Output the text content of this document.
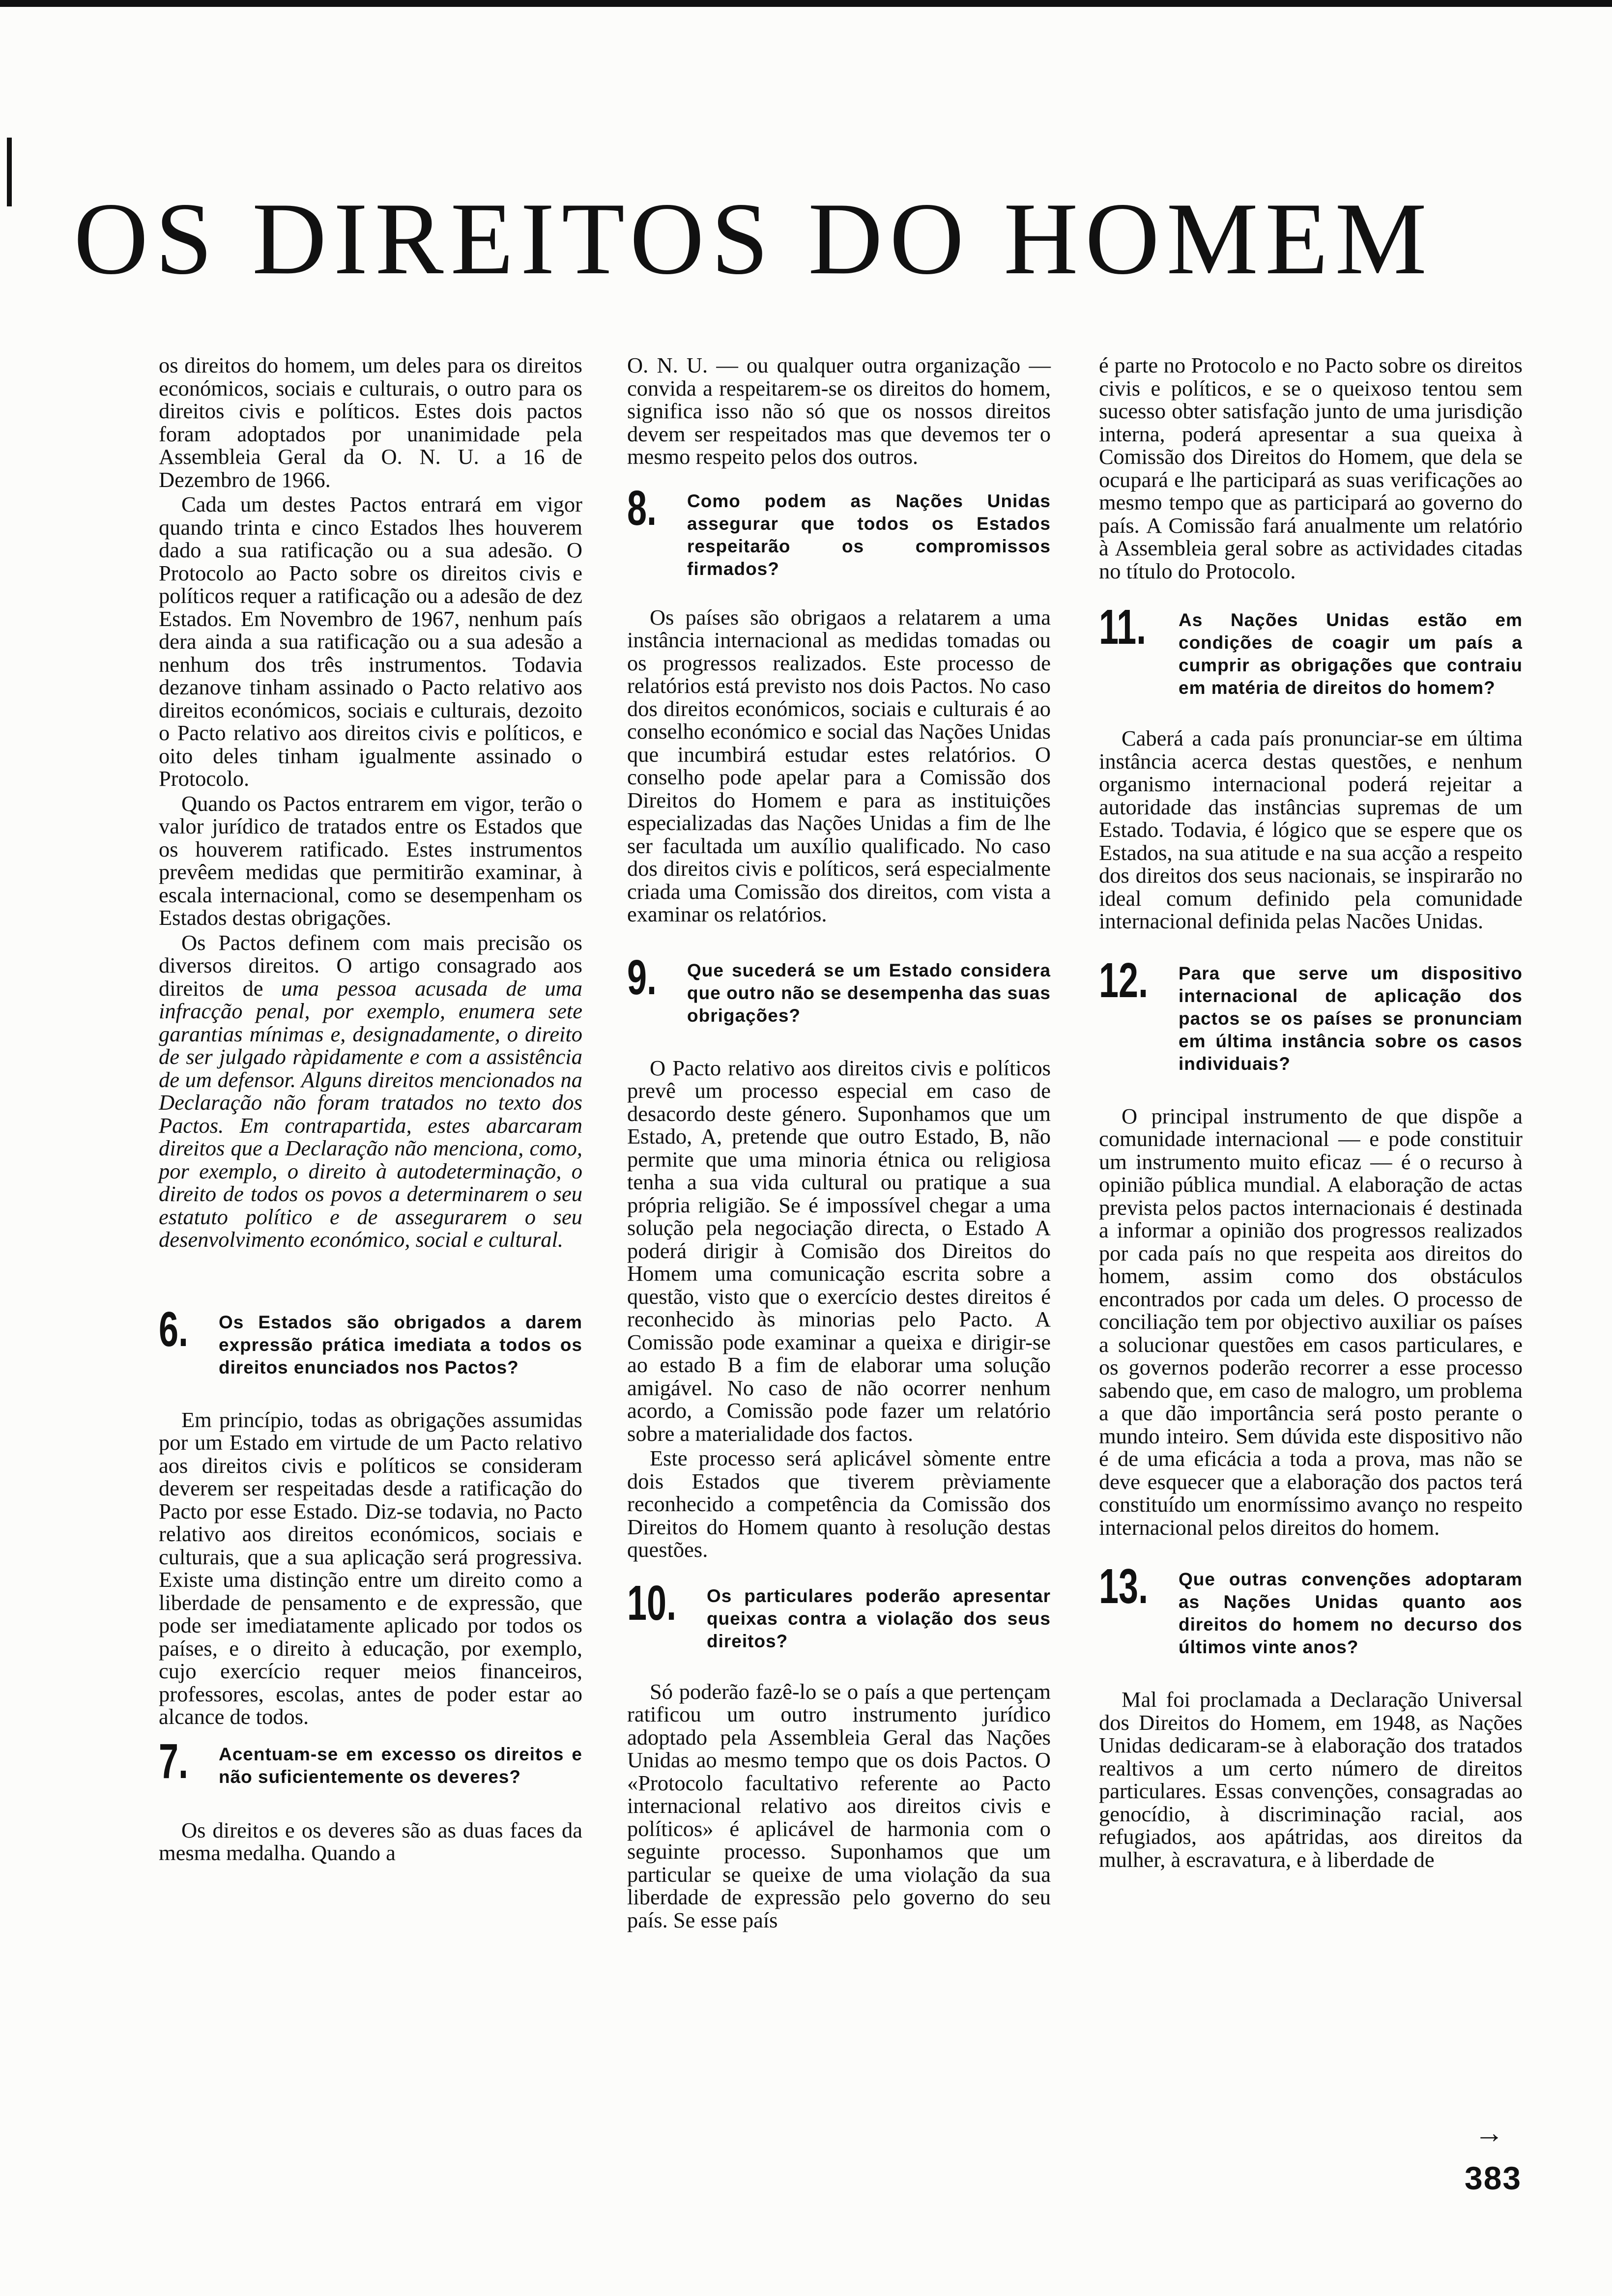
OS DIREITOS DO HOMEM

os direitos do homem, um deles para os direitos económicos, sociais e culturais, o outro para os direitos civis e políticos. Estes dois pactos foram adoptados por unanimidade pela Assembleia Geral da O. N. U. a 16 de Dezembro de 1966.

Cada um destes Pactos entrará em vigor quando trinta e cinco Estados lhes houverem dado a sua ratificação ou a sua adesão. O Protocolo ao Pacto sobre os direitos civis e políticos requer a ratificação ou a adesão de dez Estados. Em Novembro de 1967, nenhum país dera ainda a sua ratificação ou a sua adesão a nenhum dos três instrumentos. Todavia dezanove tinham assinado o Pacto relativo aos direitos económicos, sociais e culturais, dezoito o Pacto relativo aos direitos civis e políticos, e oito deles tinham igualmente assinado o Protocolo.

Quando os Pactos entrarem em vigor, terão o valor jurídico de tratados entre os Estados que os houverem ratificado. Estes instrumentos prevêem medidas que permitirão examinar, à escala internacional, como se desempenham os Estados destas obrigações.

Os Pactos definem com mais precisão os diversos direitos. O artigo consagrado aos direitos de uma pessoa acusada de uma infracção penal, por exemplo, enumera sete garantias mínimas e, designadamente, o direito de ser julgado ràpidamente e com a assistência de um defensor. Alguns direitos mencionados na Declaração não foram tratados no texto dos Pactos. Em contrapartida, estes abarcaram direitos que a Declaração não menciona, como, por exemplo, o direito à autodeterminação, o direito de todos os povos a determinarem o seu estatuto político e de assegurarem o seu desenvolvimento económico, social e cultural.

6. Os Estados são obrigados a darem expressão prática imediata a todos os direitos enunciados nos Pactos?

Em princípio, todas as obrigações assumidas por um Estado em virtude de um Pacto relativo aos direitos civis e políticos se consideram deverem ser respeitadas desde a ratificação do Pacto por esse Estado. Diz-se todavia, no Pacto relativo aos direitos económicos, sociais e culturais, que a sua aplicação será progressiva. Existe uma distinção entre um direito como a liberdade de pensamento e de expressão, que pode ser imediatamente aplicado por todos os países, e o direito à educação, por exemplo, cujo exercício requer meios financeiros, professores, escolas, antes de poder estar ao alcance de todos.

7. Acentuam-se em excesso os direitos e não suficientemente os deveres?

Os direitos e os deveres são as duas faces da mesma medalha. Quando a

O. N. U. — ou qualquer outra organização — convida a respeitarem-se os direitos do homem, significa isso não só que os nossos direitos devem ser respeitados mas que devemos ter o mesmo respeito pelos dos outros.

8. Como podem as Nações Unidas assegurar que todos os Estados respeitarão os compromissos firmados?

Os países são obrigaos a relatarem a uma instância internacional as medidas tomadas ou os progressos realizados. Este processo de relatórios está previsto nos dois Pactos. No caso dos direitos económicos, sociais e culturais é ao conselho económico e social das Nações Unidas que incumbirá estudar estes relatórios. O conselho pode apelar para a Comissão dos Direitos do Homem e para as instituições especializadas das Nações Unidas a fim de lhe ser facultada um auxílio qualificado. No caso dos direitos civis e políticos, será especialmente criada uma Comissão dos direitos, com vista a examinar os relatórios.

9. Que sucederá se um Estado considera que outro não se desempenha das suas obrigações?

O Pacto relativo aos direitos civis e políticos prevê um processo especial em caso de desacordo deste género. Suponhamos que um Estado, A, pretende que outro Estado, B, não permite que uma minoria étnica ou religiosa tenha a sua vida cultural ou pratique a sua própria religião. Se é impossível chegar a uma solução pela negociação directa, o Estado A poderá dirigir à Comisão dos Direitos do Homem uma comunicação escrita sobre a questão, visto que o exercício destes direitos é reconhecido às minorias pelo Pacto. A Comissão pode examinar a queixa e dirigir-se ao estado B a fim de elaborar uma solução amigável. No caso de não ocorrer nenhum acordo, a Comissão pode fazer um relatório sobre a materialidade dos factos.

Este processo será aplicável sòmente entre dois Estados que tiverem prèviamente reconhecido a competência da Comissão dos Direitos do Homem quanto à resolução destas questões.

10. Os particulares poderão apresentar queixas contra a violação dos seus direitos?

Só poderão fazê-lo se o país a que pertençam ratificou um outro instrumento jurídico adoptado pela Assembleia Geral das Nações Unidas ao mesmo tempo que os dois Pactos. O «Protocolo facultativo referente ao Pacto internacional relativo aos direitos civis e políticos» é aplicável de harmonia com o seguinte processo. Suponhamos que um particular se queixe de uma violação da sua liberdade de expressão pelo governo do seu país. Se esse país

é parte no Protocolo e no Pacto sobre os direitos civis e políticos, e se o queixoso tentou sem sucesso obter satisfação junto de uma jurisdição interna, poderá apresentar a sua queixa à Comissão dos Direitos do Homem, que dela se ocupará e lhe participará as suas verificações ao mesmo tempo que as participará ao governo do país. A Comissão fará anualmente um relatório à Assembleia geral sobre as actividades citadas no título do Protocolo.

11. As Nações Unidas estão em condições de coagir um país a cumprir as obrigações que contraiu em matéria de direitos do homem?

Caberá a cada país pronunciar-se em última instância acerca destas questões, e nenhum organismo internacional poderá rejeitar a autoridade das instâncias supremas de um Estado. Todavia, é lógico que se espere que os Estados, na sua atitude e na sua acção a respeito dos direitos dos seus nacionais, se inspirarão no ideal comum definido pela comunidade internacional definida pelas Nacões Unidas.

12. Para que serve um dispositivo internacional de aplicação dos pactos se os países se pronunciam em última instância sobre os casos individuais?

O principal instrumento de que dispõe a comunidade internacional — e pode constituir um instrumento muito eficaz — é o recurso à opinião pública mundial. A elaboração de actas prevista pelos pactos internacionais é destinada a informar a opinião dos progressos realizados por cada país no que respeita aos direitos do homem, assim como dos obstáculos encontrados por cada um deles. O processo de conciliação tem por objectivo auxiliar os países a solucionar questões em casos particulares, e os governos poderão recorrer a esse processo sabendo que, em caso de malogro, um problema a que dão importância será posto perante o mundo inteiro. Sem dúvida este dispositivo não é de uma eficácia a toda a prova, mas não se deve esquecer que a elaboração dos pactos terá constituído um enormíssimo avanço no respeito internacional pelos direitos do homem.

13. Que outras convenções adoptaram as Nações Unidas quanto aos direitos do homem no decurso dos últimos vinte anos?

Mal foi proclamada a Declaração Universal dos Direitos do Homem, em 1948, as Nações Unidas dedicaram-se à elaboração dos tratados realtivos a um certo número de direitos particulares. Essas convenções, consagradas ao genocídio, à discriminação racial, aos refugiados, aos apátridas, aos direitos da mulher, à escravatura, e à liberdade de

→
383
